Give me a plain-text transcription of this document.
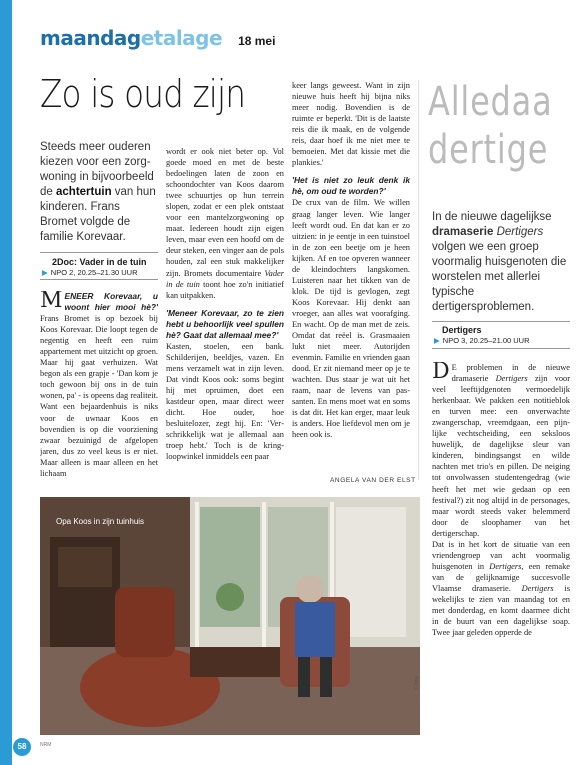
maandag etalage 18 mei
Zo is oud zijn
Steeds meer ouderen kiezen voor een zorgwoning in bijvoorbeeld de achtertuin van hun kinderen. Frans Bromet volgde de familie Korevaar.
2Doc: Vader in de tuin
▶ NPO 2, 20.25–21.30 UUR
MENEER Korevaar, u woont hier mooi hè?' Frans Bromet is op bezoek bij Koos Korevaar. Die loopt tegen de negentig en heeft een ruim appartement met uitzicht op groen. Maar hij gaat verhuizen. Wat begon als een grapje - 'Dan kom je toch gewoon bij ons in de tuin wonen, pa' - is opeens dag realiteit. Want een bejaardenhuis is niks voor de uwnaar Koos en bovendien is op die voorziening zwaar bezuinigd de afgelopen jaren, dus zo veel keus is er niet. Maar alleen is maar alleen en het lichaam
wordt er ook niet beter op. Vol goede moed en met de beste bedoelingen laten de zoon en schoondochter van Koos daarom twee schuurtjes op hun terrein slopen, zodat er een plek ontstaat voor een mantelzorgwoning op maat. Iedereen houdt zijn eigen leven, maar even een hoofd om de deur steken, een vinger aan de pols houden, zal een stuk makkelijker zijn. Bromets documentaire Vader in de tuin toont hoe zo'n initiatief kan uitpakken.
'Meneer Korevaar, zo te zien hebt u behoorlijk veel spullen hè? Gaat dat allemaal mee?'
Kasten, stoelen, een bank. Schilderijen, beeldjes, vazen. En mens verzamelt wat in zijn leven. Dat vindt Koos ook: soms begint hij met opruimen, doet een kastdeur open, maar direct weer dicht. Hoe ouder, hoe besluitelozer, zegt hij. En: 'Verschrikkelijk wat je allemaal aan troep hebt.' Toch is de kringloopwinkel inmiddels een paar
keer langs geweest. Want in zijn nieuwe huis heeft hij bijna niks meer nodig. Bovendien is de ruimte er beperkt. 'Dit is de laatste reis die ik maak, en de volgende reis, daar hoef ik me niet mee te bemoeien. Met dat kissie met die plankies.'
'Het is niet zo leuk denk ik hè, om oud te worden?'
De crux van de film. We willen graag langer leven. Wie langer leeft wordt oud. En dat kan er zo uitzien: in je eentje in een tuinstoel in de zon een beetje om je heen kijken. Af en toe opveren wanneer de kleindochters langskomen. Luisteren naar het tikken van de klok. De tijd is gevlogen, zegt Koos Korevaar. Hij denkt aan vroeger, aan alles wat voorafging. En wacht. Op de man met de zeis. Omdat dat reëel is. Grasmaaien lukt niet meer. Autorijden evenmin. Familie en vrienden gaan dood. Er zit niemand meer op je te wachten. Dus staar je wat uit het raam, naar de levens van passanten. En mens moet wat en soms is dat dit. Het kan erger, maar leuk is anders. Hoe liefdevol men om je heen ook is.
ANGELA VAN DER ELST
Opa Koos in zijn tuinhuis
© foto
Alledaa
dertige
In de nieuwe dagelijkse dramaserie Dertigers volgen we een groep voormalig huisgenoten die worstelen met allerlei typische dertigersproblemen.
Dertigers
▶ NPO 3, 20.25–21.00 UUR
D E problemen in de nieuwe dramaserie Dertigers zijn voor veel leeftijdgenoten vermoedelijk herkenbaar. We pakken een notitieblok en turven mee: een onverwachte zwangerschap, vreemdgaan, een pijnlijke vechtscheiding, een seksloos huwelijk, de dagelijkse sleur van kinderen, bindingsangst en wilde nachten met trio's en pillen. De neiging tot onvolwassen studentengedrag (wie heeft het met wie gedaan op een festival?) zit nog altijd in de personages, maar wordt steeds vaker belemmerd door de sloophamer van het dertigerschap.
Dat is in het kort de situatie van een vriendengroep van acht voormalig huisgenoten in Dertigers, een remake van de gelijknamige succesvolle Vlaamse dramaserie. Dertigers is wekelijks te zien van maandag tot en met donderdag, en komt daarmee dicht in de buurt van een dagelijkse soap. Twee jaar geleden opperde de
58	NRM
